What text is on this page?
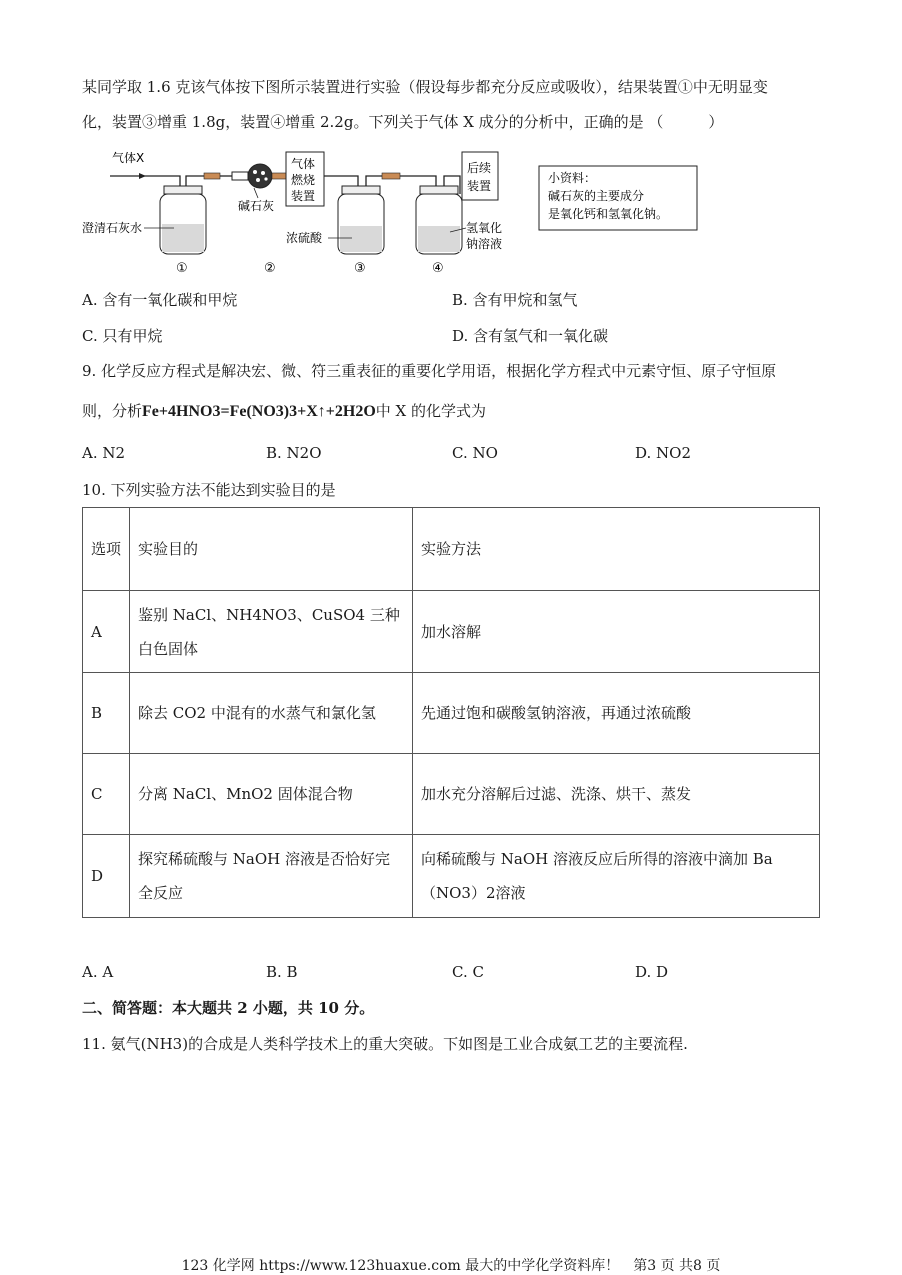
某同学取 1.6 克该气体按下图所示装置进行实验（假设每步都充分反应或吸收），结果装置①中无明显变
化，装置③增重 1.8g，装置④增重 2.2g。下列关于气体 X 成分的分析中，正确的是 （　　　）
气体X
澄清石灰水
①
碱石灰
②
气体
燃烧
装置
浓硫酸
③
氢氧化
钠溶液
④
后续
装置
小资料：
碱石灰的主要成分
是氧化钙和氢氧化钠。
A. 含有一氧化碳和甲烷	B. 含有甲烷和氢气
C. 只有甲烷	D. 含有氢气和一氧化碳
9. 化学反应方程式是解决宏、微、符三重表征的重要化学用语，根据化学方程式中元素守恒、原子守恒原
则，分析Fe+4HNO3=Fe(NO3)3+X↑+2H2O中 X 的化学式为
A. N2	B. N2O	C. NO	D. NO2
10. 下列实验方法不能达到实验目的是
选项	实验目的	实验方法
A	鉴别 NaCl、NH4NO3、CuSO4 三种白色固体	加水溶解
B	除去 CO2 中混有的水蒸气和氯化氢	先通过饱和碳酸氢钠溶液，再通过浓硫酸
C	分离 NaCl、MnO2 固体混合物	加水充分溶解后过滤、洗涤、烘干、蒸发
D	探究稀硫酸与 NaOH 溶液是否恰好完全反应	向稀硫酸与 NaOH 溶液反应后所得的溶液中滴加 Ba（NO3）2溶液
A. A	B. B	C. C	D. D
二、简答题：本大题共 2 小题，共 10 分。
11. 氨气(NH3)的合成是人类科学技术上的重大突破。下如图是工业合成氨工艺的主要流程.
123 化学网 https://www.123huaxue.com 最大的中学化学资料库！　第3 页 共8 页
